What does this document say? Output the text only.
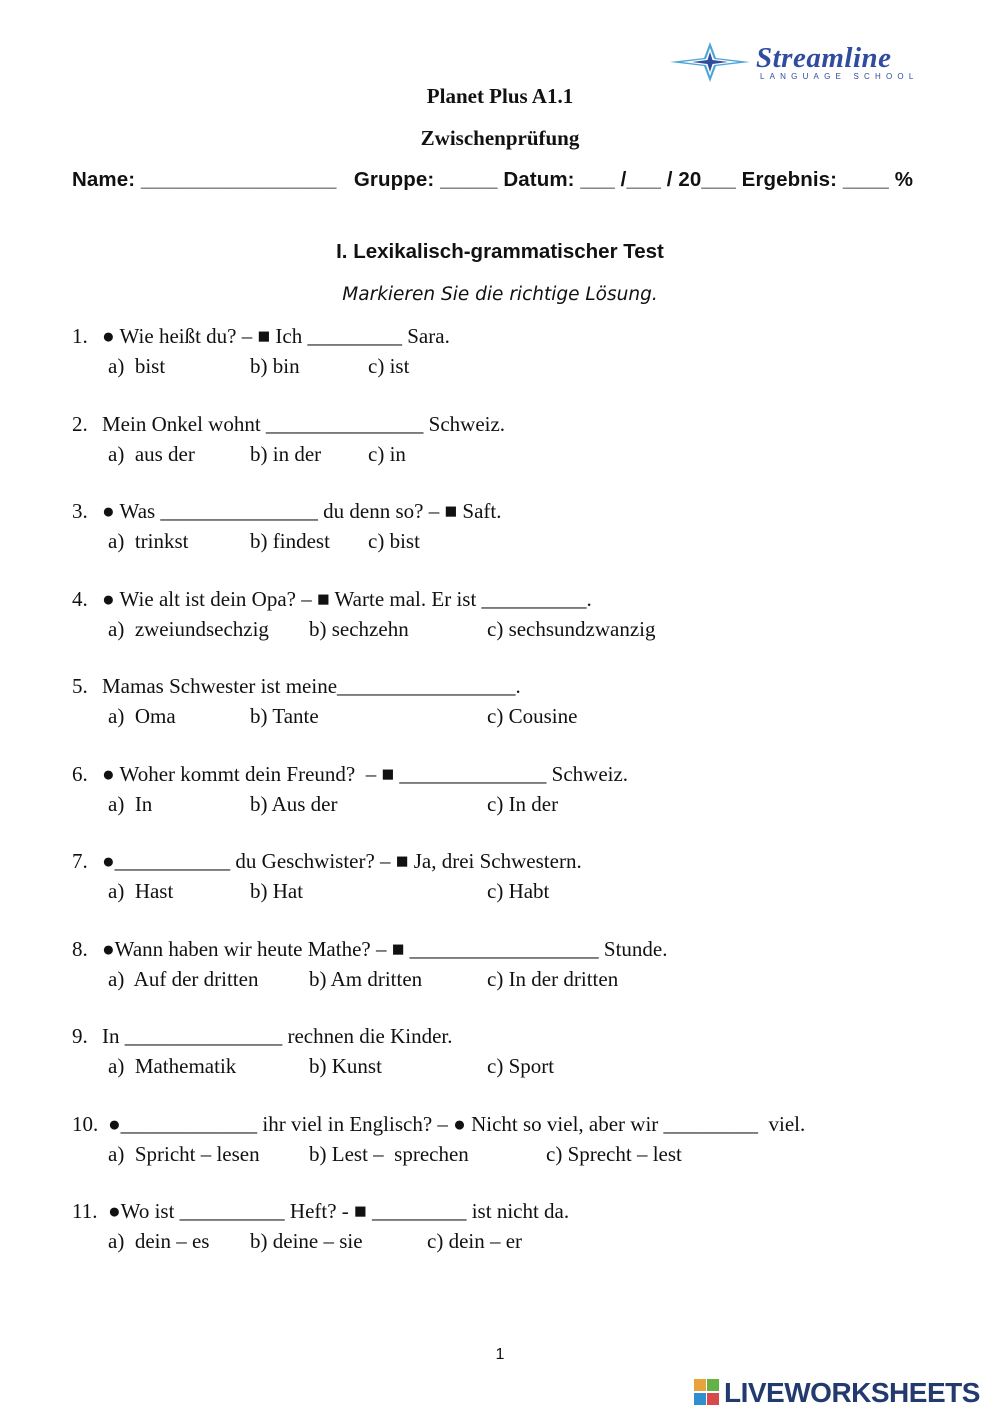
Streamline
LANGUAGE SCHOOL
Planet Plus A1.1
Zwischenprüfung
Name: _________________   Gruppe: _____ Datum: ___ /___ / 20___ Ergebnis: ____ %
I. Lexikalisch-grammatischer Test
Markieren Sie die richtige Lösung.
1. ● Wie heißt du? – ■ Ich _________ Sara.
a)  bist	b) bin	c) ist
2. Mein Onkel wohnt _______________ Schweiz.
a)  aus der	b) in der c) in
3. ● Was _______________ du denn so? – ■ Saft.
a)  trinkst	b) findest c) bist
4. ● Wie alt ist dein Opa? – ■ Warte mal. Er ist __________.
a)  zweiundsechzig b) sechzehn	c) sechsundzwanzig
5. Mamas Schwester ist meine_________________.
a)  Oma	b) Tante	c) Cousine
6. ● Woher kommt dein Freund?  – ■ ______________ Schweiz.
a)  In	b) Aus der	c) In der
7. ●___________ du Geschwister? – ■ Ja, drei Schwestern.
a)  Hast	b) Hat	c) Habt
8. ●Wann haben wir heute Mathe? – ■ __________________ Stunde.
a)  Auf der dritten b) Am dritten	c) In der dritten
9. In _______________ rechnen die Kinder.
a)  Mathematik	b) Kunst	c) Sport
10. ●_____________ ihr viel in Englisch? – ● Nicht so viel, aber wir _________  viel.
a)  Spricht – lesen b) Lest –  sprechen	c) Sprecht – lest
11. ●Wo ist __________ Heft? - ■ _________ ist nicht da.
a)  dein – es b) deine – sie	c) dein – er
1
LIVEWORKSHEETS
